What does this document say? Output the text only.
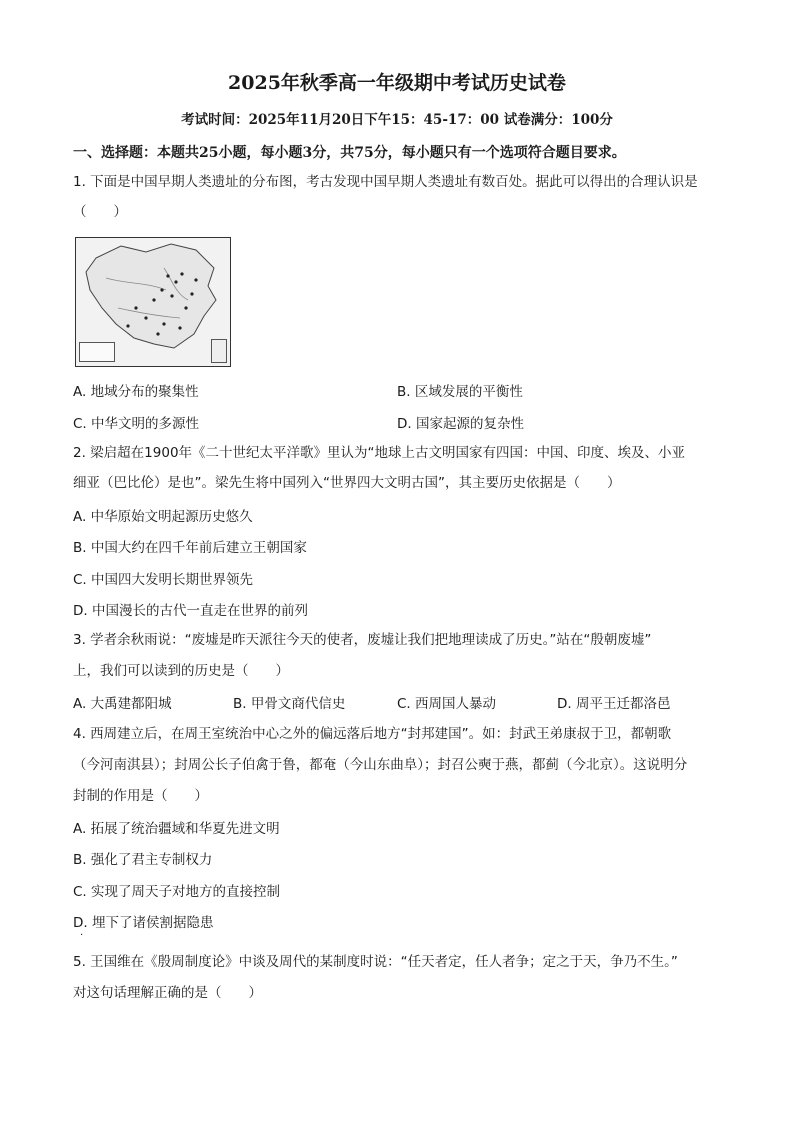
2025年秋季高一年级期中考试历史试卷
考试时间：2025年11月20日下午15：45-17：00 试卷满分：100分
一、选择题：本题共25小题，每小题3分，共75分，每小题只有一个选项符合题目要求。
1. 下面是中国早期人类遗址的分布图，考古发现中国早期人类遗址有数百处。据此可以得出的合理认识是
（　　）
A. 地域分布的聚集性	B. 区域发展的平衡性
C. 中华文明的多源性	D. 国家起源的复杂性
2. 梁启超在1900年《二十世纪太平洋歌》里认为“地球上古文明国家有四国：中国、印度、埃及、小亚
细亚（巴比伦）是也”。梁先生将中国列入“世界四大文明古国”，其主要历史依据是（　　）
A. 中华原始文明起源历史悠久
B. 中国大约在四千年前后建立王朝国家
C. 中国四大发明长期世界领先
D. 中国漫长的古代一直走在世界的前列
3. 学者余秋雨说：“废墟是昨天派往今天的使者，废墟让我们把地理读成了历史。”站在“殷朝废墟”
上，我们可以读到的历史是（　　）
A. 大禹建都阳城	B. 甲骨文商代信史	C. 西周国人暴动	D. 周平王迁都洛邑
4. 西周建立后，在周王室统治中心之外的偏远落后地方“封邦建国”。如：封武王弟康叔于卫，都朝歌
（今河南淇县）；封周公长子伯禽于鲁，都奄（今山东曲阜）；封召公奭于燕，都蓟（今北京）。这说明分
封制的作用是（　　）
A. 拓展了统治疆域和华夏先进文明
B. 强化了君主专制权力
C. 实现了周天子对地方的直接控制
D. 埋下了诸侯割据隐患
·
5. 王国维在《殷周制度论》中谈及周代的某制度时说：“任天者定，任人者争；定之于天，争乃不生。”
对这句话理解正确的是（　　）
